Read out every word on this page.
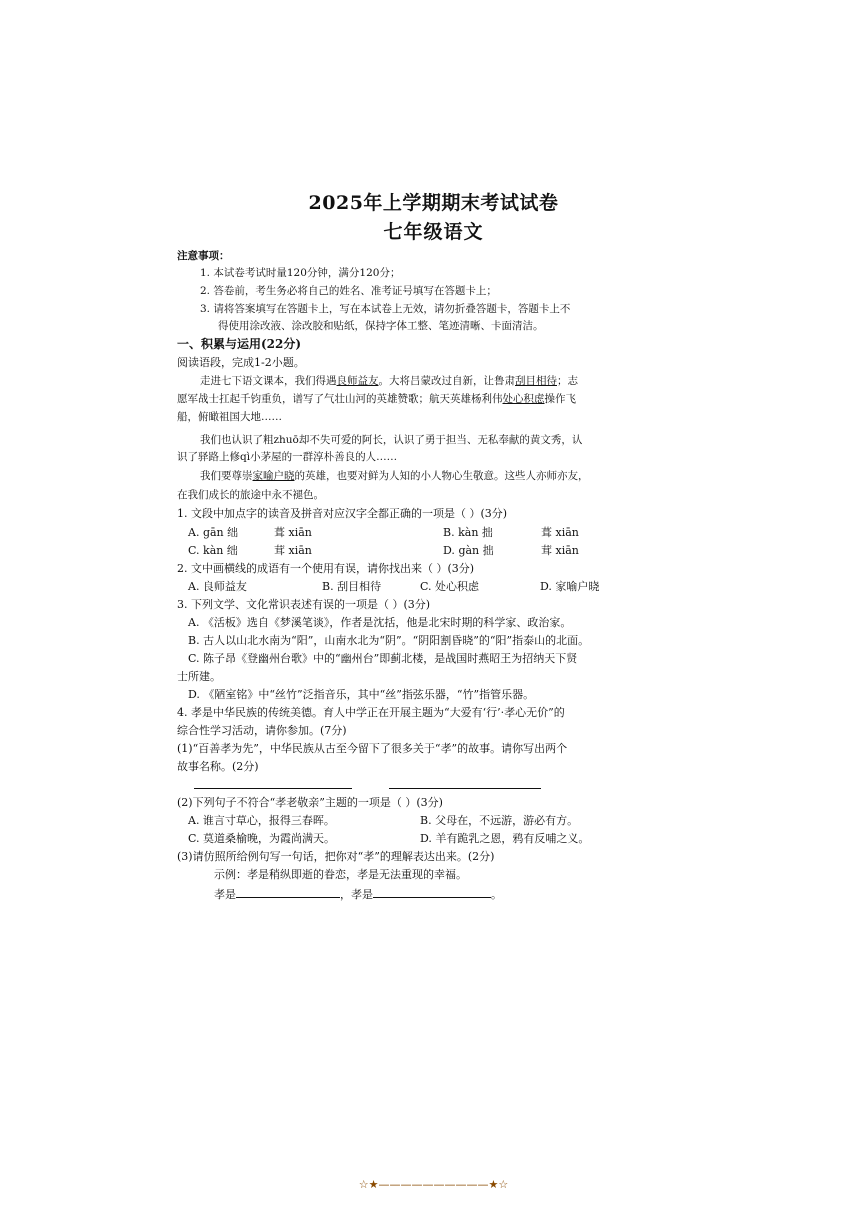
2025年上学期期末考试试卷
七年级语文
注意事项：
1. 本试卷考试时量120分钟，满分120分；
2. 答卷前，考生务必将自己的姓名、准考证号填写在答题卡上；
3. 请将答案填写在答题卡上，写在本试卷上无效，请勿折叠答题卡，答题卡上不
得使用涂改液、涂改胶和贴纸，保持字体工整、笔迹清晰、卡面清洁。
一、积累与运用(22分)
阅读语段，完成1-2小题。
走进七下语文课本，我们得遇良师益友。大将吕蒙改过自新，让鲁肃刮目相待；志
愿军战士扛起千钧重负，谱写了气壮山河的英雄赞歌；航天英雄杨利伟处心积虑操作飞
船，俯瞰祖国大地……
我们也认识了粗zhuō却不失可爱的阿长，认识了勇于担当、无私奉献的黄文秀，认
识了驿路上修qì小茅屋的一群淳朴善良的人……
我们要尊崇家喻户晓的英雄，也要对鲜为人知的小人物心生敬意。这些人亦师亦友，
在我们成长的旅途中永不褪色。
1. 文段中加点字的读音及拼音对应汉字全都正确的一项是（ ）(3分)
A. gān 绌	葺 xiān	B. kàn 拙	葺 xiān
C. kàn 绌	茸 xiān	D. gàn 拙	茸 xiān
2. 文中画横线的成语有一个使用有误，请你找出来（ ）(3分)
A. 良师益友	B. 刮目相待	C. 处心积虑	D. 家喻户晓
3. 下列文学、文化常识表述有误的一项是（ ）(3分)
A. 《活板》选自《梦溪笔谈》，作者是沈括，他是北宋时期的科学家、政治家。
B. 古人以山北水南为“阳”，山南水北为“阴”。“阴阳割昏晓”的“阳”指泰山的北面。
C. 陈子昂《登幽州台歌》中的“幽州台”即蓟北楼，是战国时燕昭王为招纳天下贤
士所建。
D. 《陋室铭》中“丝竹”泛指音乐，其中“丝”指弦乐器，“竹”指管乐器。
4. 孝是中华民族的传统美德。育人中学正在开展主题为“大爱有‘行’·孝心无价”的
综合性学习活动，请你参加。(7分)
(1)“百善孝为先”，中华民族从古至今留下了很多关于“孝”的故事。请你写出两个
故事名称。(2分)
(2)下列句子不符合“孝老敬亲”主题的一项是（ ）(3分)
A. 谁言寸草心，报得三春晖。	B. 父母在，不远游，游必有方。
C. 莫道桑榆晚，为霞尚满天。	D. 羊有跪乳之恩，鸦有反哺之义。
(3)请仿照所给例句写一句话，把你对“孝”的理解表达出来。(2分)
示例：孝是稍纵即逝的眷恋，孝是无法重现的幸福。
孝是	，孝是	。
☆★——————————★☆
